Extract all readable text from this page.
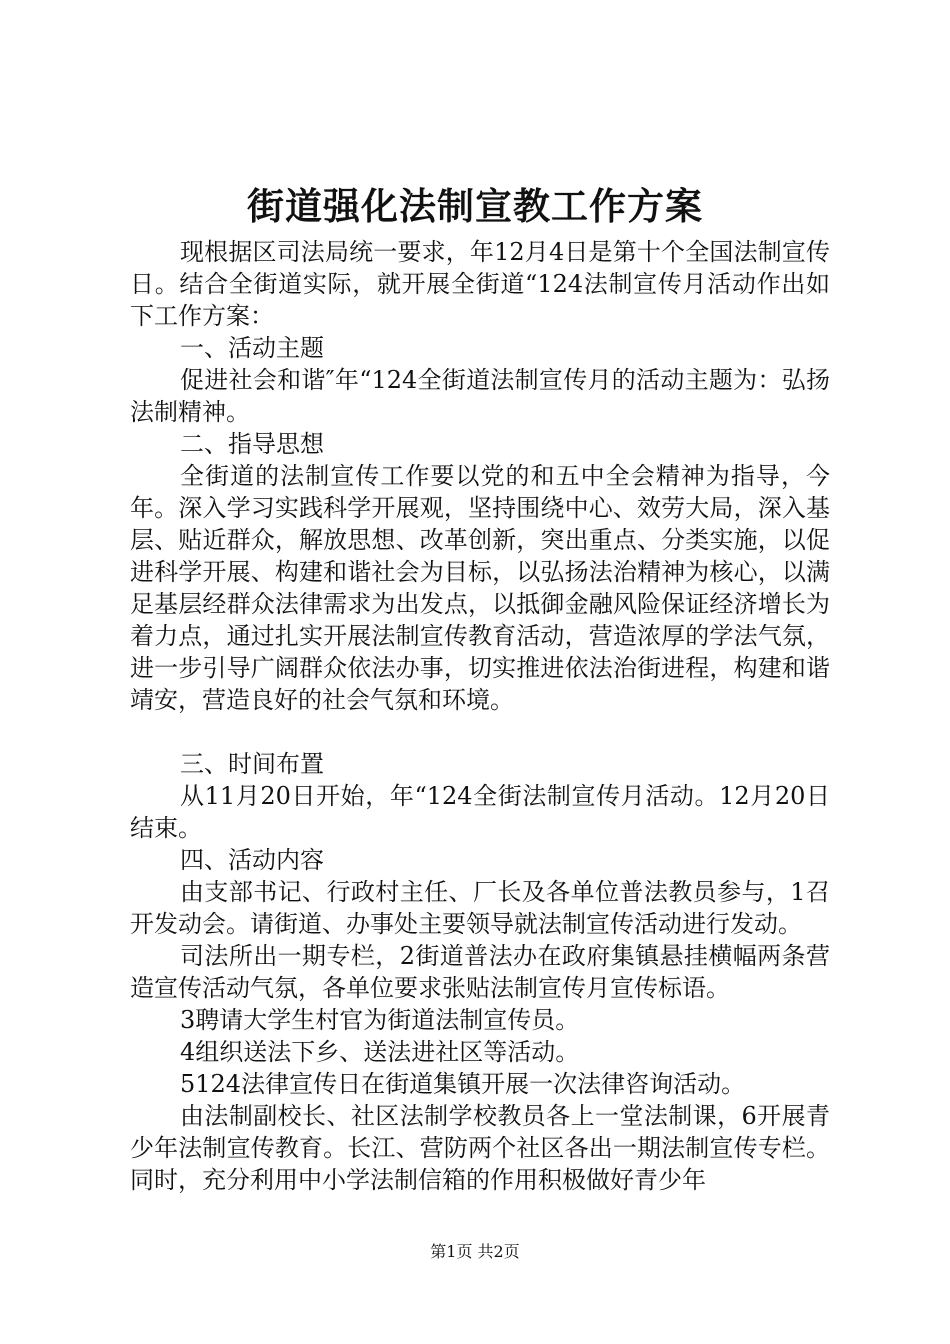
街道强化法制宣教工作方案

现根据区司法局统一要求，年12月4日是第十个全国法制宣传日。结合全街道实际，就开展全街道“124法制宣传月活动作出如下工作方案：

一、活动主题

促进社会和谐″年“124全街道法制宣传月的活动主题为：弘扬法制精神。

二、指导思想

全街道的法制宣传工作要以党的和五中全会精神为指导，今年。深入学习实践科学开展观，坚持围绕中心、效劳大局，深入基层、贴近群众，解放思想、改革创新，突出重点、分类实施，以促进科学开展、构建和谐社会为目标，以弘扬法治精神为核心，以满足基层经群众法律需求为出发点，以抵御金融风险保证经济增长为着力点，通过扎实开展法制宣传教育活动，营造浓厚的学法气氛，进一步引导广阔群众依法办事，切实推进依法治街进程，构建和谐靖安，营造良好的社会气氛和环境。

三、时间布置

从11月20日开始，年“124全街法制宣传月活动。12月20日结束。

四、活动内容

由支部书记、行政村主任、厂长及各单位普法教员参与，1召开发动会。请街道、办事处主要领导就法制宣传活动进行发动。

司法所出一期专栏，2街道普法办在政府集镇悬挂横幅两条营造宣传活动气氛，各单位要求张贴法制宣传月宣传标语。

3聘请大学生村官为街道法制宣传员。

4组织送法下乡、送法进社区等活动。

5124法律宣传日在街道集镇开展一次法律咨询活动。

由法制副校长、社区法制学校教员各上一堂法制课，6开展青少年法制宣传教育。长江、营防两个社区各出一期法制宣传专栏。同时，充分利用中小学法制信箱的作用积极做好青少年

第1页 共2页
